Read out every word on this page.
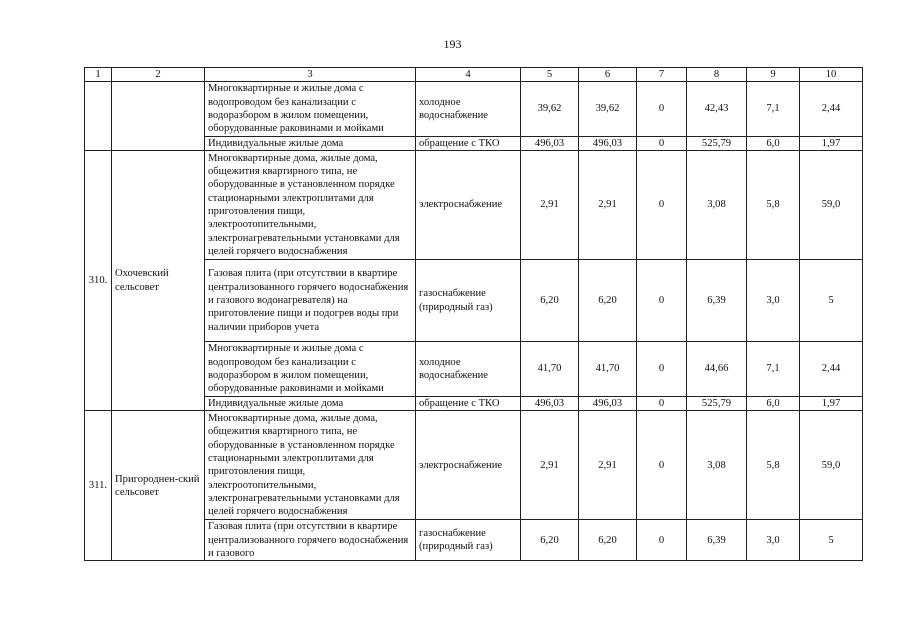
193
1	2	3	4	5	6	7	8	9	10
		Многоквартирные и жилые дома с водопроводом без канализации с водоразбором в жилом помещении, оборудованные раковинами и мойками	холодное водоснабжение	39,62	39,62	0	42,43	7,1	2,44
		Индивидуальные жилые дома	обращение с ТКО	496,03	496,03	0	525,79	6,0	1,97
310.	Охочевский сельсовет	Многоквартирные дома, жилые дома, общежития квартирного типа, не оборудованные в установленном порядке стационарными электроплитами для приготовления пищи, электроотопительными, электронагревательными установками для целей горячего водоснабжения	электроснабжение	2,91	2,91	0	3,08	5,8	59,0
		Газовая плита (при отсутствии в квартире централизованного горячего водоснабжения и газового водонагревателя) на приготовление пищи и подогрев воды при наличии приборов учета	газоснабжение (природный газ)	6,20	6,20	0	6,39	3,0	5
		Многоквартирные и жилые дома с водопроводом без канализации с водоразбором в жилом помещении, оборудованные раковинами и мойками	холодное водоснабжение	41,70	41,70	0	44,66	7,1	2,44
		Индивидуальные жилые дома	обращение с ТКО	496,03	496,03	0	525,79	6,0	1,97
311.	Пригороднен-ский сельсовет	Многоквартирные дома, жилые дома, общежития квартирного типа, не оборудованные в установленном порядке стационарными электроплитами для приготовления пищи, электроотопительными, электронагревательными установками для целей горячего водоснабжения	электроснабжение	2,91	2,91	0	3,08	5,8	59,0
		Газовая плита (при отсутствии в квартире централизованного горячего водоснабжения и газового	газоснабжение (природный газ)	6,20	6,20	0	6,39	3,0	5
